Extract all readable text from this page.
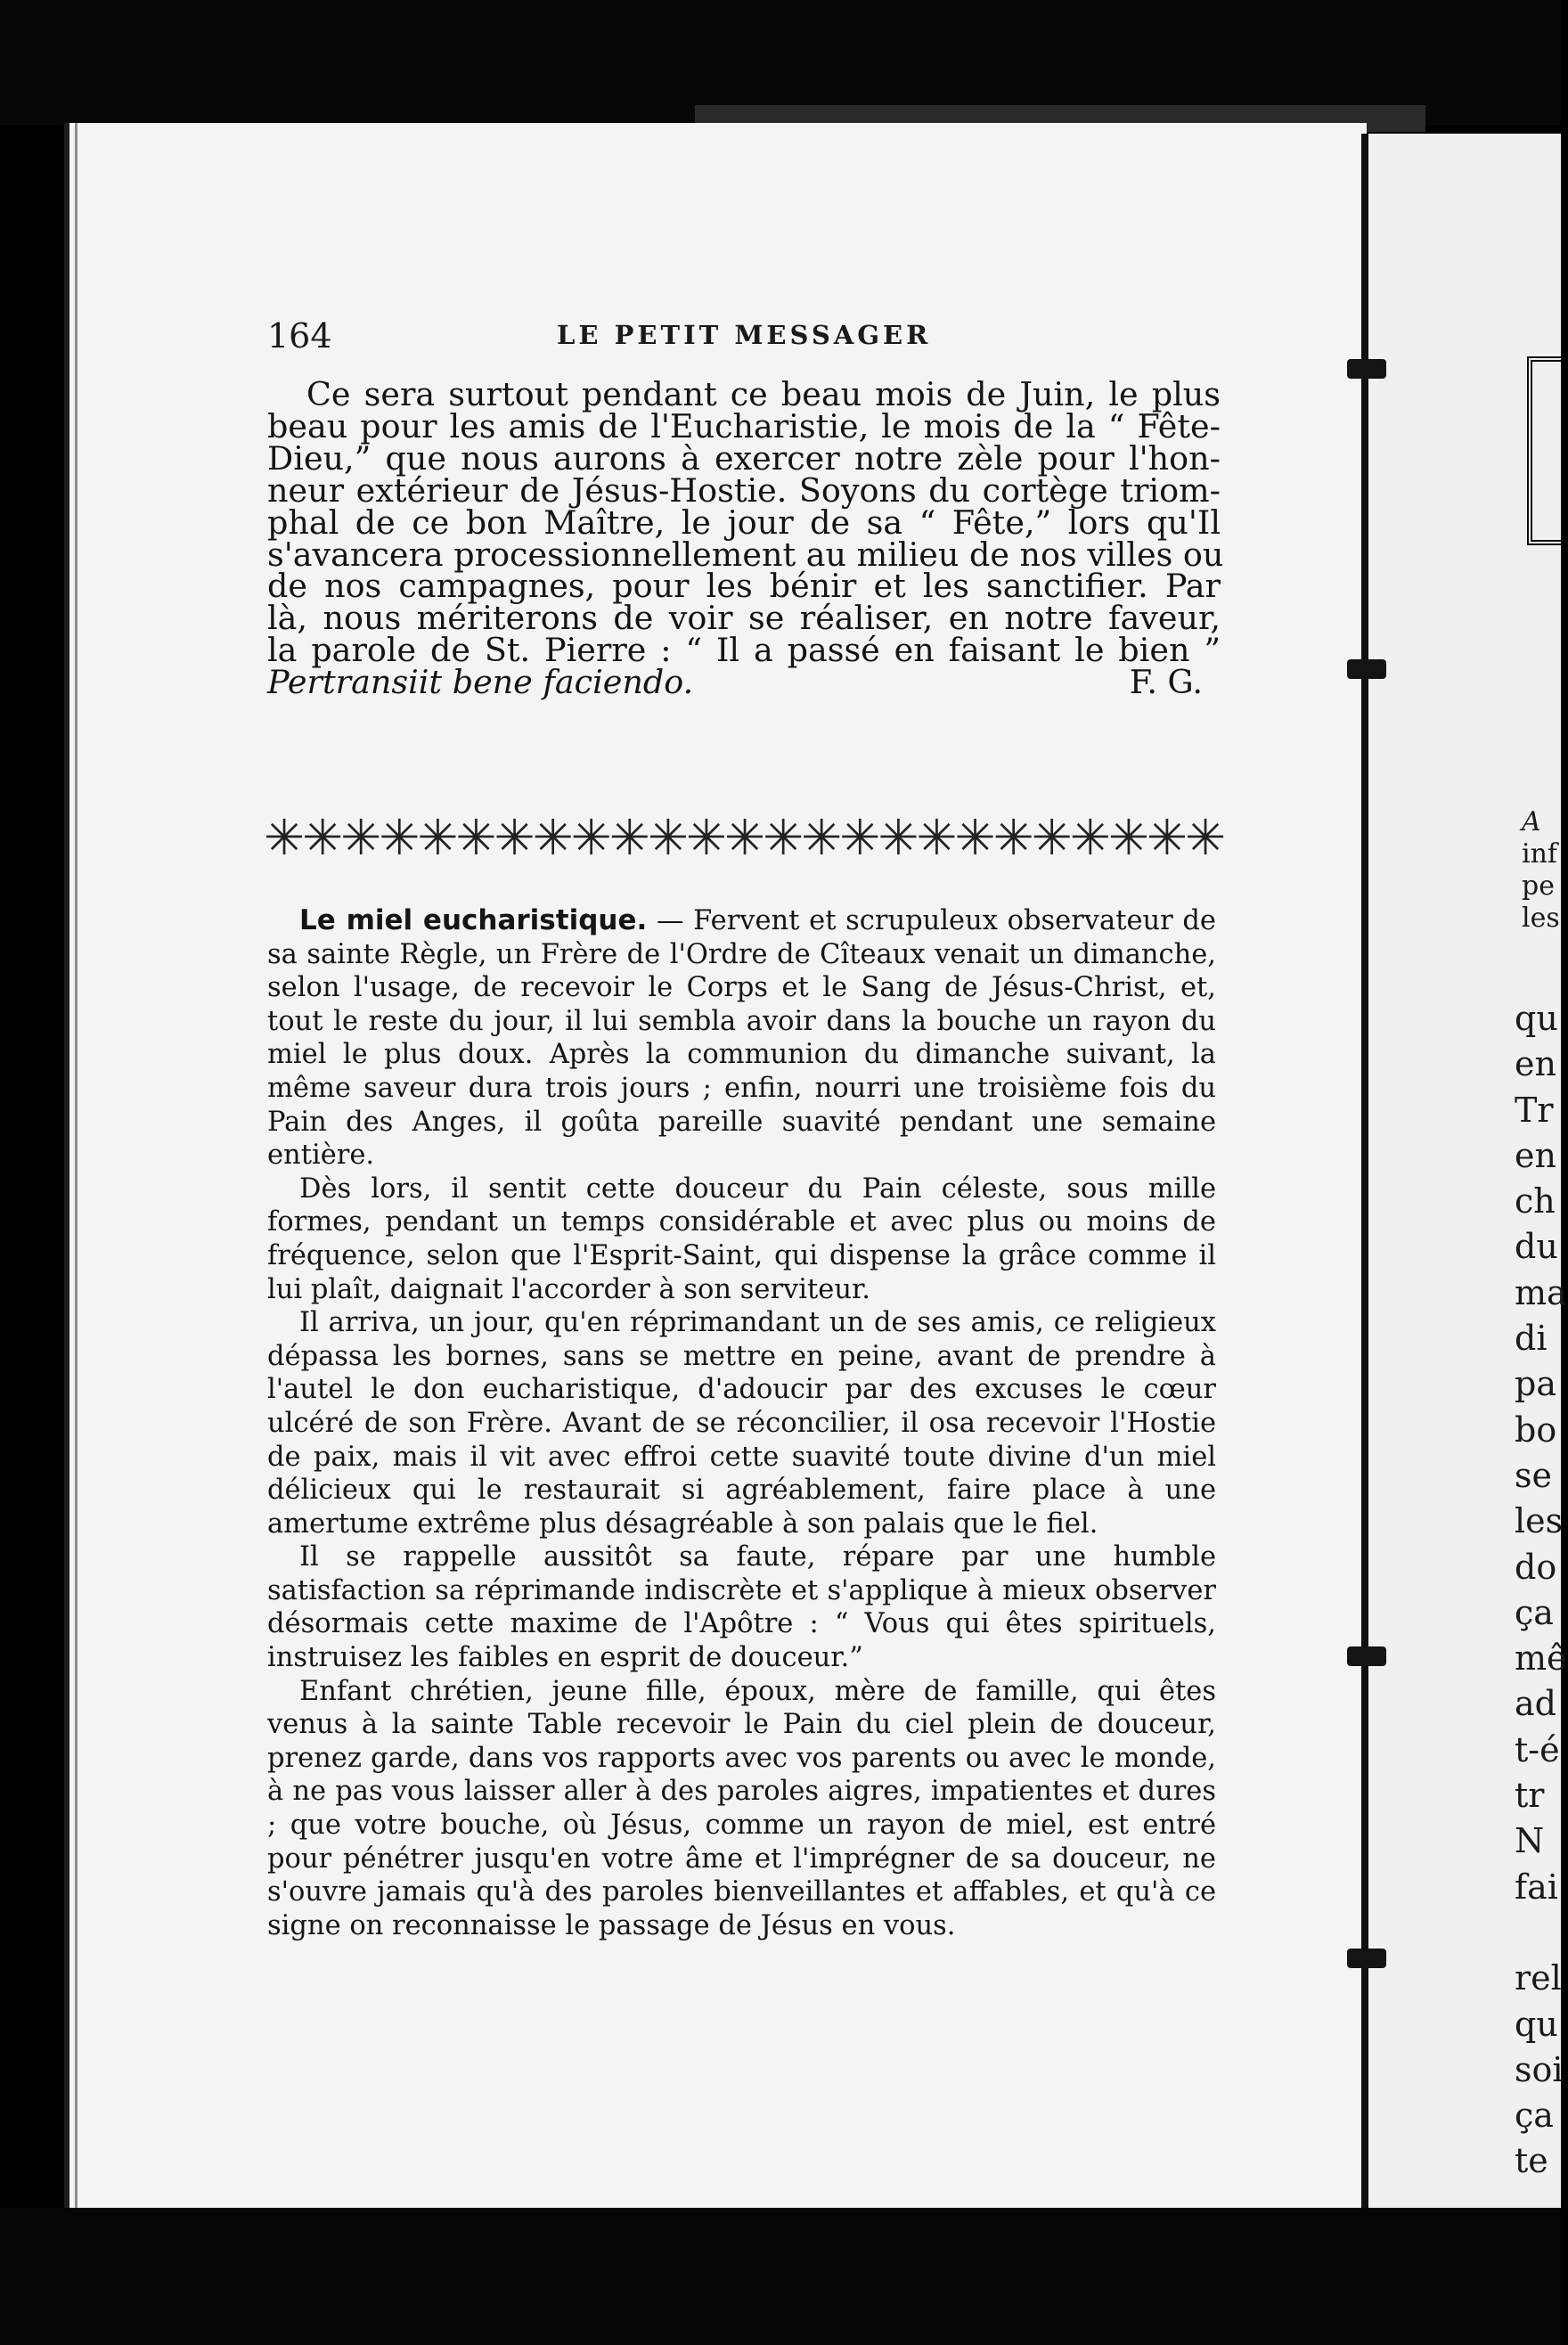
164	LE PETIT MESSAGER
Ce sera surtout pendant ce beau mois de Juin, le plus
beau pour les amis de l'Eucharistie, le mois de la “ Fête-
Dieu,” que nous aurons à exercer notre zèle pour l'hon-
neur extérieur de Jésus-Hostie. Soyons du cortège triom-
phal de ce bon Maître, le jour de sa “ Fête,” lors qu'Il
s'avancera processionnellement au milieu de nos villes ou
de nos campagnes, pour les bénir et les sanctifier. Par
là, nous mériterons de voir se réaliser, en notre faveur,
la parole de St. Pierre : “ Il a passé en faisant le bien ”
Pertransiit bene faciendo.	F. G.
✳✳✳✳✳✳✳✳✳✳✳✳✳✳✳✳✳✳✳✳✳✳✳✳✳

Le miel eucharistique. — Fervent et scrupuleux observateur de sa sainte Règle, un Frère de l'Ordre de Cîteaux venait un dimanche, selon l'usage, de recevoir le Corps et le Sang de Jésus-Christ, et, tout le reste du jour, il lui sembla avoir dans la bouche un rayon du miel le plus doux. Après la communion du dimanche suivant, la même saveur dura trois jours ; enfin, nourri une troisième fois du Pain des Anges, il goûta pareille suavité pendant une semaine entière.

Dès lors, il sentit cette douceur du Pain céleste, sous mille formes, pendant un temps considérable et avec plus ou moins de fréquence, selon que l'Esprit-Saint, qui dispense la grâce comme il lui plaît, daignait l'accorder à son serviteur.

Il arriva, un jour, qu'en réprimandant un de ses amis, ce religieux dépassa les bornes, sans se mettre en peine, avant de prendre à l'autel le don eucharistique, d'adoucir par des excuses le cœur ulcéré de son Frère. Avant de se réconcilier, il osa recevoir l'Hostie de paix, mais il vit avec effroi cette suavité toute divine d'un miel délicieux qui le restaurait si agréablement, faire place à une amertume extrême plus désagréable à son palais que le fiel.

Il se rappelle aussitôt sa faute, répare par une humble satisfaction sa réprimande indiscrète et s'applique à mieux observer désormais cette maxime de l'Apôtre : “ Vous qui êtes spirituels, instruisez les faibles en esprit de douceur.”

Enfant chrétien, jeune fille, époux, mère de famille, qui êtes venus à la sainte Table recevoir le Pain du ciel plein de douceur, prenez garde, dans vos rapports avec vos parents ou avec le monde, à ne pas vous laisser aller à des paroles aigres, impatientes et dures ; que votre bouche, où Jésus, comme un rayon de miel, est entré pour pénétrer jusqu'en votre âme et l'imprégner de sa douceur, ne s'ouvre jamais qu'à des paroles bienveillantes et affables, et qu'à ce signe on reconnaisse le passage de Jésus en vous.

A
inf
pe
les
qu
en
Tr
en
ch
du
ma
di
pa
bo
se
les
do
ça
mê
ad
t-é
tr
N
fai
rel
qu
soi
ça
te
